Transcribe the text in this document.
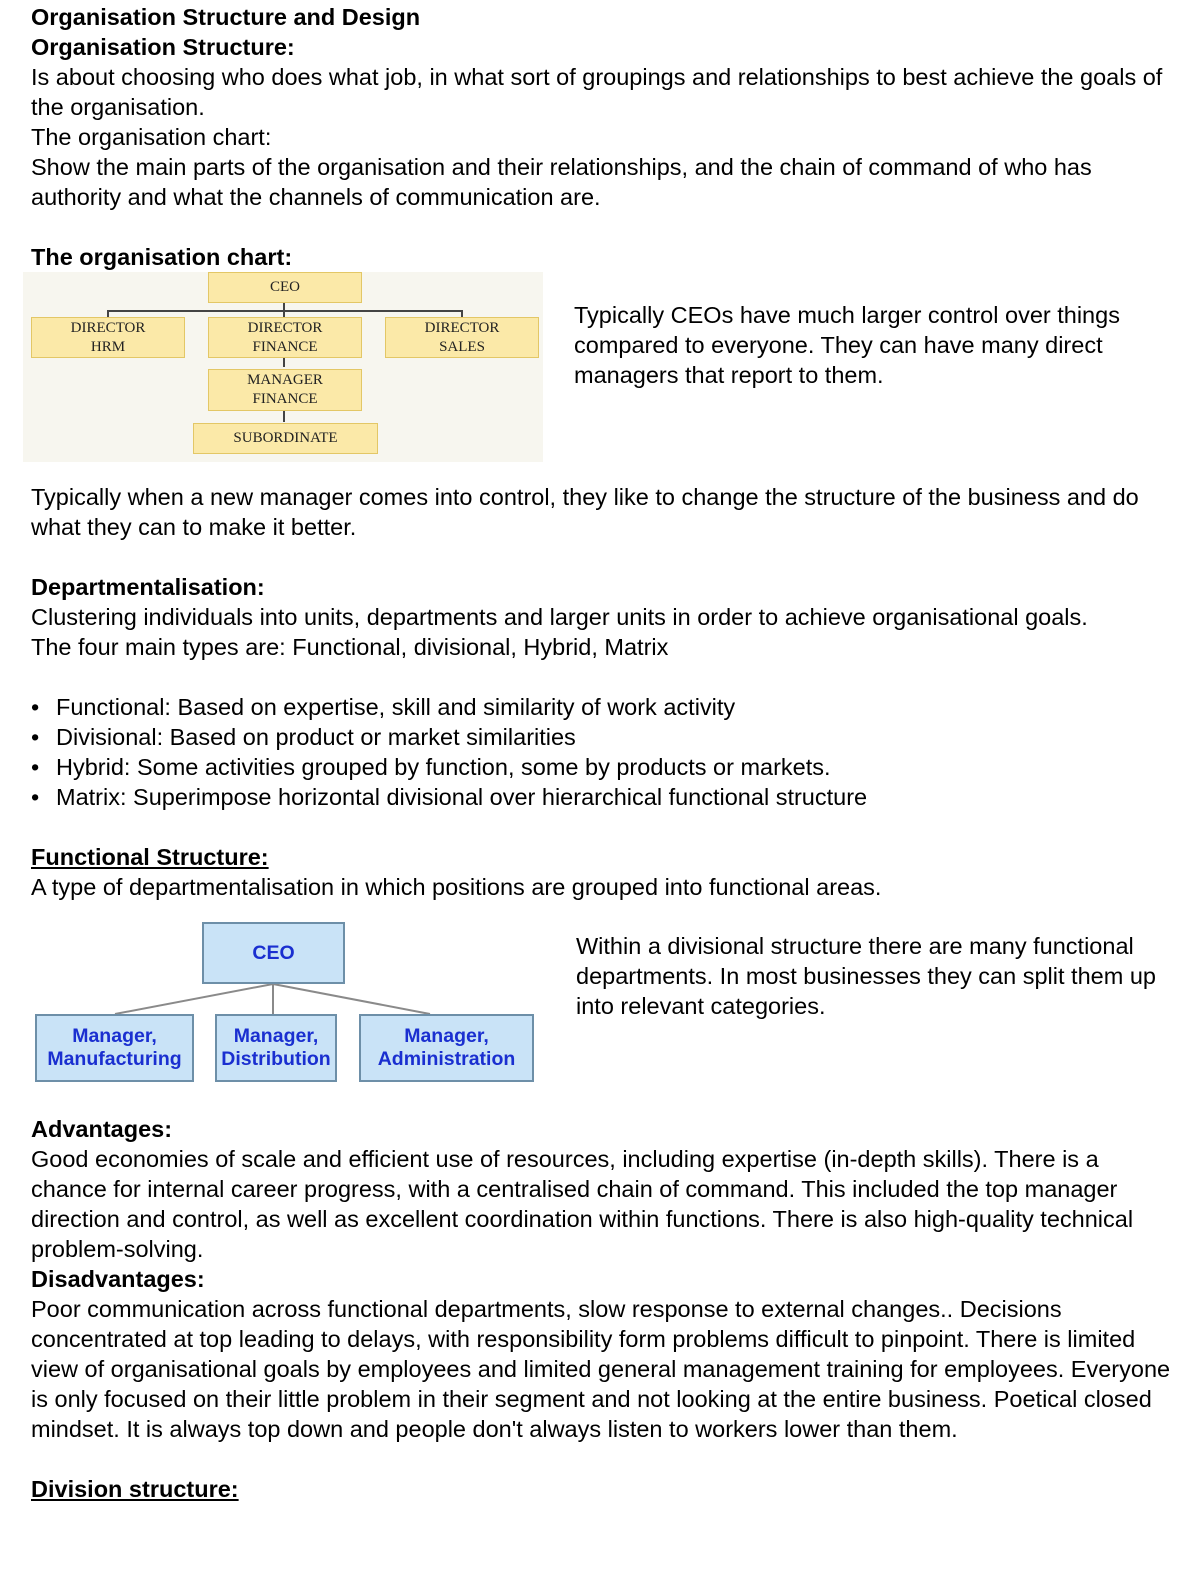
Organisation Structure and Design
Organisation Structure:

Is about choosing who does what job, in what sort of groupings and relationships to best achieve the goals of the organisation.

The organisation chart:

Show the main parts of the organisation and their relationships, and the chain of command of who has authority and what the channels of communication are.

The organisation chart:
CEO
DIRECTOR
HRM
DIRECTOR
FINANCE
DIRECTOR
SALES
MANAGER
FINANCE
SUBORDINATE
Typically CEOs have much larger control over things compared to everyone. They can have many direct managers that report to them.

Typically when a new manager comes into control, they like to change the structure of the business and do what they can to make it better.

Departmentalisation:

Clustering individuals into units, departments and larger units in order to achieve organisational goals.

The four main types are: Functional, divisional, Hybrid, Matrix
• Functional: Based on expertise, skill and similarity of work activity
• Divisional: Based on product or market similarities
• Hybrid: Some activities grouped by function, some by products or markets.
• Matrix: Superimpose horizontal divisional over hierarchical functional structure
Functional Structure:
A type of departmentalisation in which positions are grouped into functional areas.
CEO
Manager,
Manufacturing
Manager,
Distribution
Manager,
Administration
Within a divisional structure there are many functional departments. In most businesses they can split them up into relevant categories.
Advantages:

Good economies of scale and efficient use of resources, including expertise (in-depth skills). There is a chance for internal career progress, with a centralised chain of command. This included the top manager direction and control, as well as excellent coordination within functions. There is also high-quality technical problem-solving.

Disadvantages:

Poor communication across functional departments, slow response to external changes.. Decisions concentrated at top leading to delays, with responsibility form problems difficult to pinpoint. There is limited view of organisational goals by employees and limited general management training for employees. Everyone is only focused on their little problem in their segment and not looking at the entire business. Poetical closed mindset. It is always top down and people don't always listen to workers lower than them.

Division structure:
